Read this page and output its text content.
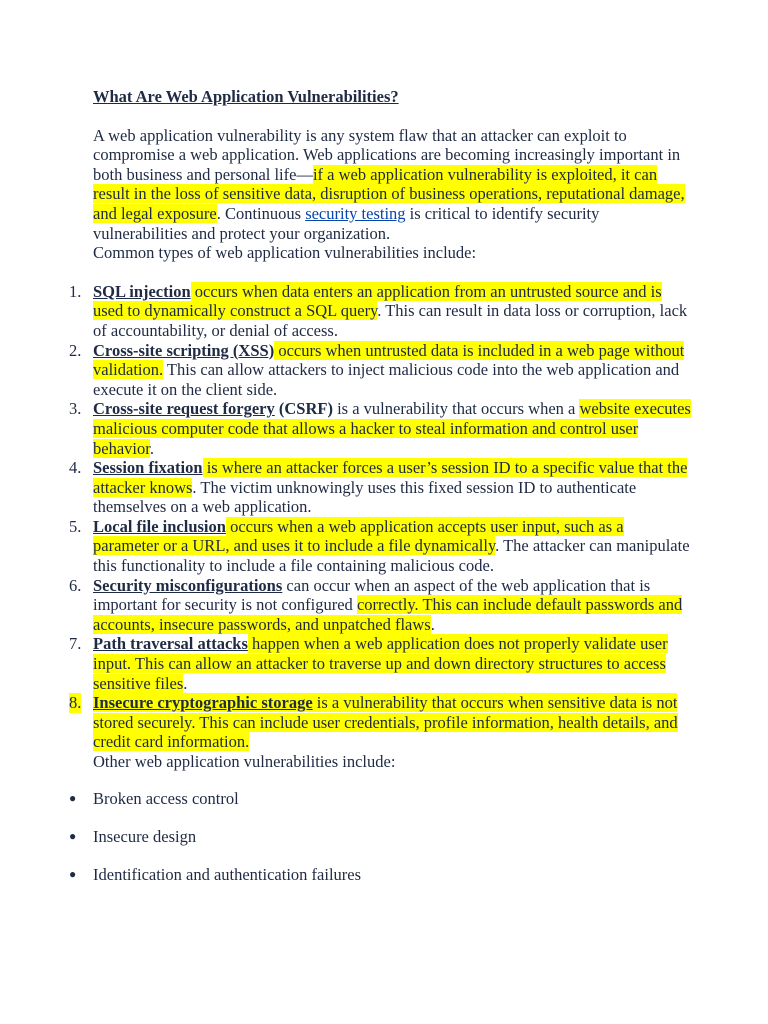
What Are Web Application Vulnerabilities?

A web application vulnerability is any system flaw that an attacker can exploit to compromise a web application. Web applications are becoming increasingly important in both business and personal life—if a web application vulnerability is exploited, it can result in the loss of sensitive data, disruption of business operations, reputational damage, and legal exposure. Continuous security testing is critical to identify security vulnerabilities and protect your organization.

Common types of web application vulnerabilities include:

1. SQL injection occurs when data enters an application from an untrusted source and is used to dynamically construct a SQL query. This can result in data loss or corruption, lack of accountability, or denial of access.
2. Cross-site scripting (XSS) occurs when untrusted data is included in a web page without validation. This can allow attackers to inject malicious code into the web application and execute it on the client side.
3. Cross-site request forgery (CSRF) is a vulnerability that occurs when a website executes malicious computer code that allows a hacker to steal information and control user behavior.
4. Session fixation is where an attacker forces a user’s session ID to a specific value that the attacker knows. The victim unknowingly uses this fixed session ID to authenticate themselves on a web application.
5. Local file inclusion occurs when a web application accepts user input, such as a parameter or a URL, and uses it to include a file dynamically. The attacker can manipulate this functionality to include a file containing malicious code.
6. Security misconfigurations can occur when an aspect of the web application that is important for security is not configured correctly. This can include default passwords and accounts, insecure passwords, and unpatched flaws.
7. Path traversal attacks happen when a web application does not properly validate user input. This can allow an attacker to traverse up and down directory structures to access sensitive files.
8. Insecure cryptographic storage is a vulnerability that occurs when sensitive data is not stored securely. This can include user credentials, profile information, health details, and credit card information.

Other web application vulnerabilities include:

● Broken access control
● Insecure design
● Identification and authentication failures
